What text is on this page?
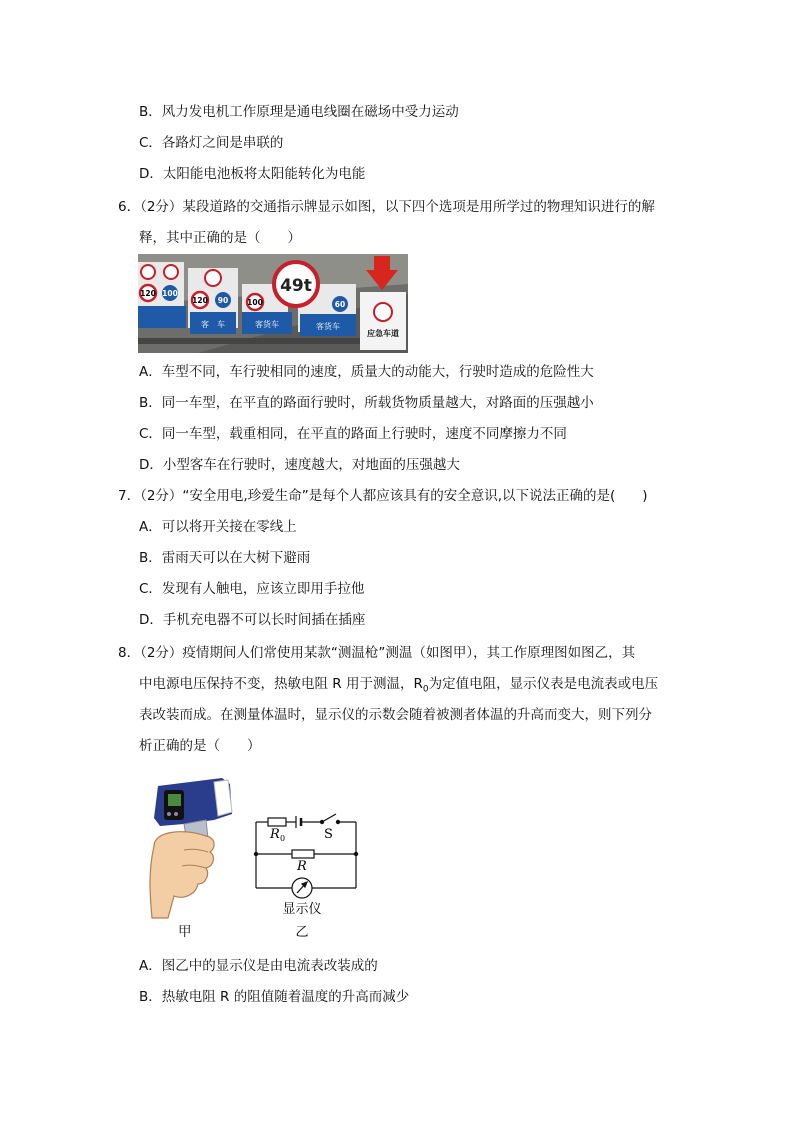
B．风力发电机工作原理是通电线圈在磁场中受力运动
C．各路灯之间是串联的
D．太阳能电池板将太阳能转化为电能
6．（2分）某段道路的交通指示牌显示如图，以下四个选项是用所学过的物理知识进行的解
释，其中正确的是（　　）
120 100
120 90	100	60
49t
客　车	客货车	客货车
应急车道
A．车型不同，车行驶相同的速度，质量大的动能大，行驶时造成的危险性大
B．同一车型，在平直的路面行驶时，所载货物质量越大，对路面的压强越小
C．同一车型，载重相同，在平直的路面上行驶时，速度不同摩擦力不同
D．小型客车在行驶时，速度越大，对地面的压强越大
7．（2分）“安全用电,珍爱生命”是每个人都应该具有的安全意识,以下说法正确的是(　　)
A．可以将开关接在零线上
B．雷雨天可以在大树下避雨
C．发现有人触电，应该立即用手拉他
D．手机充电器不可以长时间插在插座
8．（2分）疫情期间人们常使用某款“测温枪”测温（如图甲），其工作原理图如图乙，其
中电源电压保持不变，热敏电阻 R 用于测温，$R_0$为定值电阻，显示仪表是电流表或电压
表改装而成。在测量体温时，显示仪的示数会随着被测者体温的升高而变大，则下列分
析正确的是（　　）
甲
R 0	S
R
显示仪
乙
A．图乙中的显示仪是由电流表改装成的
B．热敏电阻 R 的阻值随着温度的升高而减少
